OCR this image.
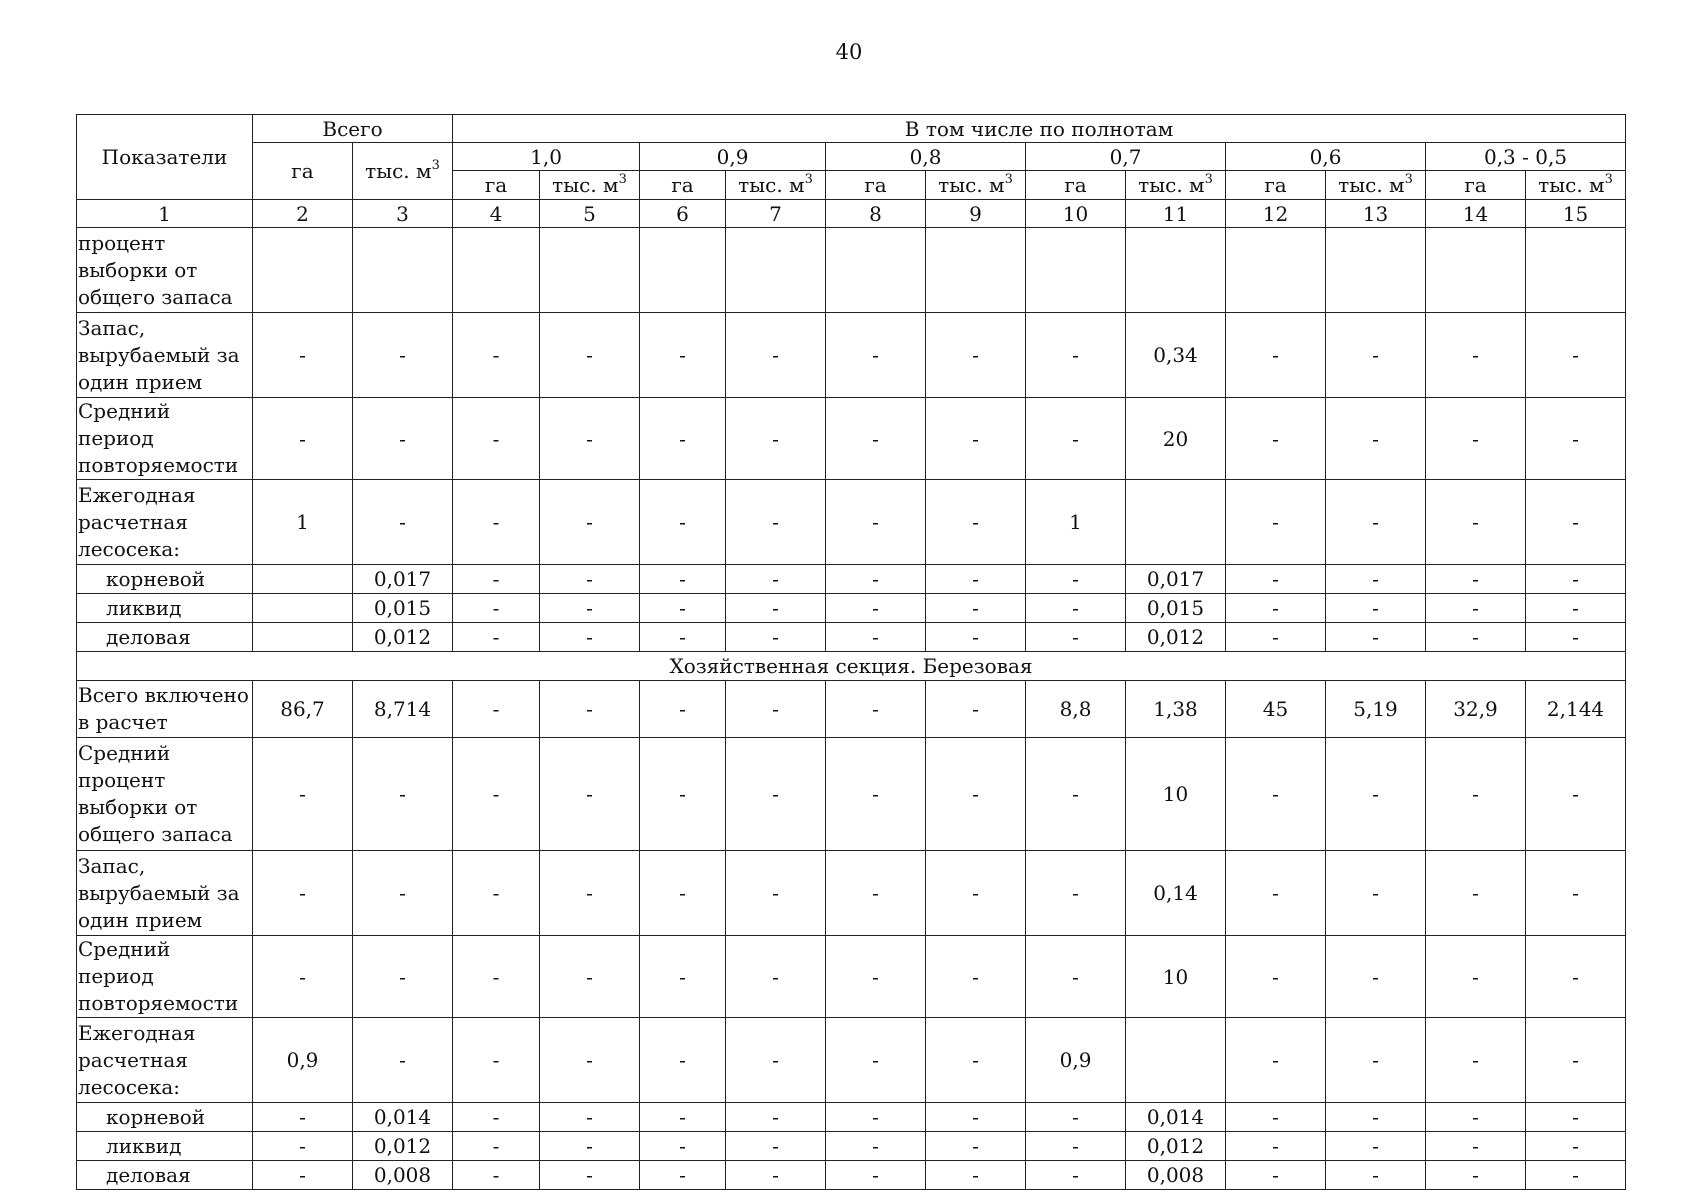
40
Показатели	Всего		В том числе по полнотам											
	га	тыс. $м^3$	1,0		0,9		0,8		0,7		0,6		0,3 - 0,5	
			га	тыс. $м^3$	га	тыс. $м^3$	га	тыс. $м^3$	га	тыс. $м^3$	га	тыс. $м^3$	га	тыс. $м^3$
1	2	3	4	5	6	7	8	9	10	11	12	13	14	15
процент выборки от общего запаса														
Запас, вырубаемый за один прием	-	-	-	-	-	-	-	-	-	0,34	-	-	-	-
Средний период повторяемости	-	-	-	-	-	-	-	-	-	20	-	-	-	-
Ежегодная расчетная лесосека:	1	-	-	-	-	-	-	-	1		-	-	-	-
корневой		0,017	-	-	-	-	-	-	-	0,017	-	-	-	-
ликвид		0,015	-	-	-	-	-	-	-	0,015	-	-	-	-
деловая		0,012	-	-	-	-	-	-	-	0,012	-	-	-	-
Хозяйственная секция. Березовая														
Всего включено в расчет	86,7	8,714	-	-	-	-	-	-	8,8	1,38	45	5,19	32,9	2,144
Средний процент выборки от общего запаса	-	-	-	-	-	-	-	-	-	10	-	-	-	-
Запас, вырубаемый за один прием	-	-	-	-	-	-	-	-	-	0,14	-	-	-	-
Средний период повторяемости	-	-	-	-	-	-	-	-	-	10	-	-	-	-
Ежегодная расчетная лесосека:	0,9	-	-	-	-	-	-	-	0,9		-	-	-	-
корневой	-	0,014	-	-	-	-	-	-	-	0,014	-	-	-	-
ликвид	-	0,012	-	-	-	-	-	-	-	0,012	-	-	-	-
деловая	-	0,008	-	-	-	-	-	-	-	0,008	-	-	-	-
